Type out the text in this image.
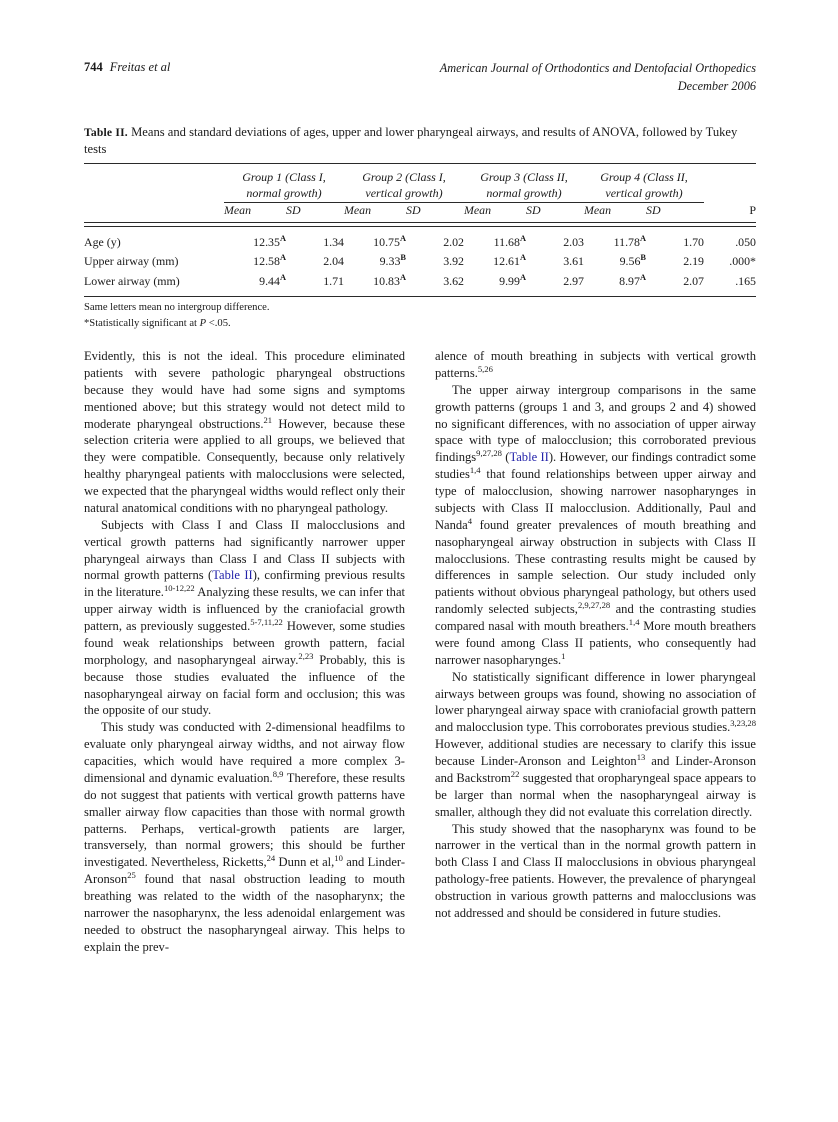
744 Freitas et al	American Journal of Orthodontics and Dentofacial Orthopedics
December 2006
Table II. Means and standard deviations of ages, upper and lower pharyngeal airways, and results of ANOVA, followed by Tukey tests

	Group 1 (Class I,
normal growth)		Group 2 (Class I,
vertical growth)		Group 3 (Class II,
normal growth)		Group 4 (Class II,
vertical growth)		

	Mean	SD	Mean	SD	Mean	SD	Mean	SD	P

Age (y)	$12.35^A$	1.34	$10.75^A$	2.02	$11.68^A$	2.03	$11.78^A$	1.70	.050
Upper airway (mm)	$12.58^A$	2.04	$9.33^B$	3.92	$12.61^A$	3.61	$9.56^B$	2.19	.000*
Lower airway (mm)	$9.44^A$	1.71	$10.83^A$	3.62	$9.99^A$	2.97	$8.97^A$	2.07	.165

Same letters mean no intergroup difference.
*Statistically significant at P <.05.

Evidently, this is not the ideal. This procedure eliminated patients with severe pathologic pharyngeal obstructions because they would have had some signs and symptoms mentioned above; but this strategy would not detect mild to moderate pharyngeal obstructions.$^{21}$ However, because these selection criteria were applied to all groups, we believed that they were compatible. Consequently, because only relatively healthy pharyngeal patients with malocclusions were selected, we expected that the pharyngeal widths would reflect only their natural anatomical conditions with no pharyngeal pathology.

Subjects with Class I and Class II malocclusions and vertical growth patterns had significantly narrower upper pharyngeal airways than Class I and Class II subjects with normal growth patterns (Table II), confirming previous results in the literature.$^{10-12,22}$ Analyzing these results, we can infer that upper airway width is influenced by the craniofacial growth pattern, as previously suggested.$^{5-7,11,22}$ However, some studies found weak relationships between growth pattern, facial morphology, and nasopharyngeal airway.$^{2,23}$ Probably, this is because those studies evaluated the influence of the nasopharyngeal airway on facial form and occlusion; this was the opposite of our study.

This study was conducted with 2-dimensional headfilms to evaluate only pharyngeal airway widths, and not airway flow capacities, which would have required a more complex 3-dimensional and dynamic evaluation.$^{8,9}$ Therefore, these results do not suggest that patients with vertical growth patterns have smaller airway flow capacities than those with normal growth patterns. Perhaps, vertical-growth patients are larger, transversely, than normal growers; this should be further investigated. Nevertheless, Ricketts,$^{24}$ Dunn et al,$^{10}$ and Linder-Aronson$^{25}$ found that nasal obstruction leading to mouth breathing was related to the width of the nasopharynx; the narrower the nasopharynx, the less adenoidal enlargement was needed to obstruct the nasopharyngeal airway. This helps to explain the prev-

alence of mouth breathing in subjects with vertical growth patterns.$^{5,26}$

The upper airway intergroup comparisons in the same growth patterns (groups 1 and 3, and groups 2 and 4) showed no significant differences, with no association of upper airway space with type of malocclusion; this corroborated previous findings$^{9,27,28}$ (Table II). However, our findings contradict some studies$^{1,4}$ that found relationships between upper airway and type of malocclusion, showing narrower nasopharynges in subjects with Class II malocclusion. Additionally, Paul and Nanda$^4$ found greater prevalences of mouth breathing and nasopharyngeal airway obstruction in subjects with Class II malocclusions. These contrasting results might be caused by differences in sample selection. Our study included only patients without obvious pharyngeal pathology, but others used randomly selected subjects,$^{2,9,27,28}$ and the contrasting studies compared nasal with mouth breathers.$^{1,4}$ More mouth breathers were found among Class II patients, who consequently had narrower nasopharynges.$^1$

No statistically significant difference in lower pharyngeal airways between groups was found, showing no association of lower pharyngeal airway space with craniofacial growth pattern and malocclusion type. This corroborates previous studies.$^{3,23,28}$ However, additional studies are necessary to clarify this issue because Linder-Aronson and Leighton$^{13}$ and Linder-Aronson and Backstrom$^{22}$ suggested that oropharyngeal space appears to be larger than normal when the nasopharyngeal airway is smaller, although they did not evaluate this correlation directly.

This study showed that the nasopharynx was found to be narrower in the vertical than in the normal growth pattern in both Class I and Class II malocclusions in obvious pharyngeal pathology-free patients. However, the prevalence of pharyngeal obstruction in various growth patterns and malocclusions was not addressed and should be considered in future studies.
